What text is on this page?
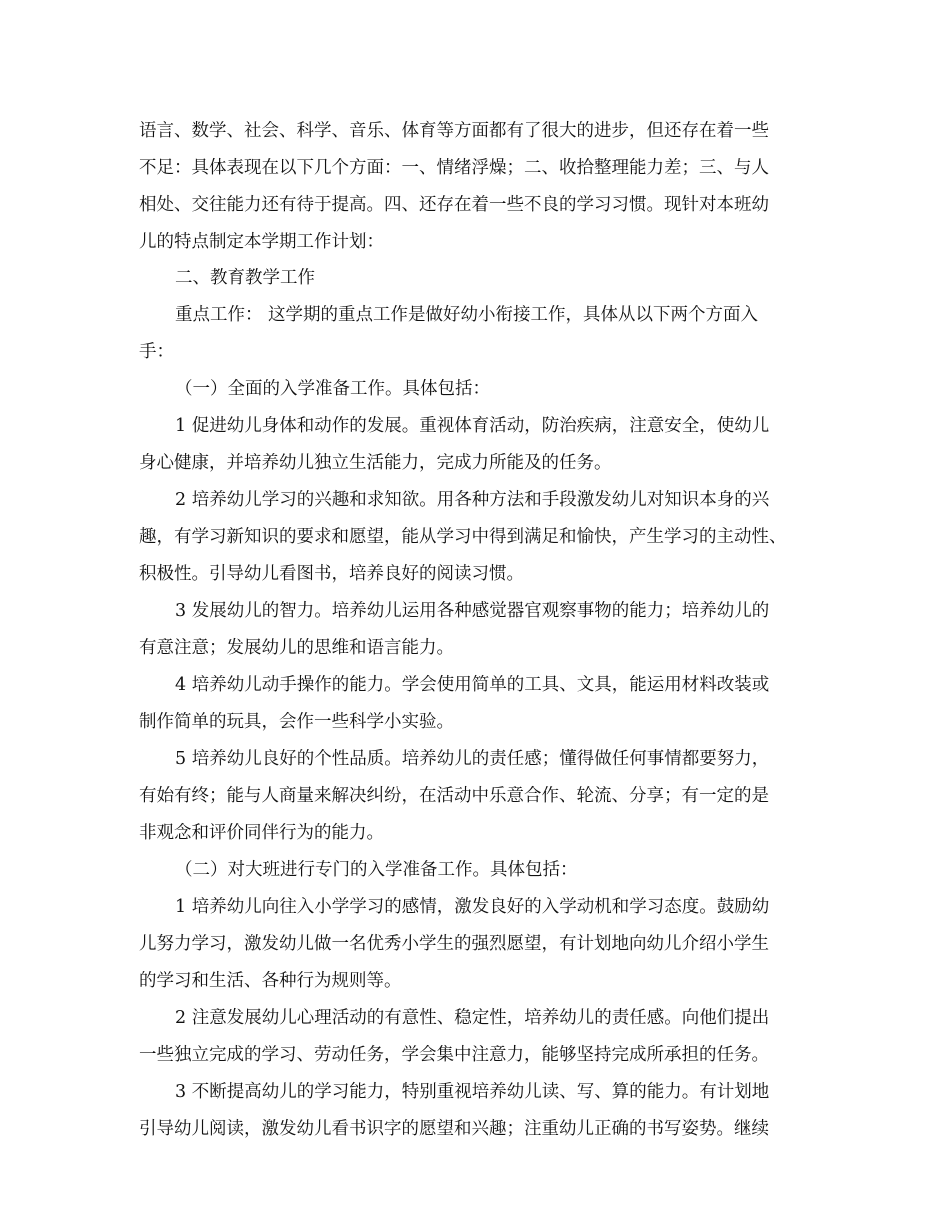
语言、数学、社会、科学、音乐、体育等方面都有了很大的进步，但还存在着一些
不足：具体表现在以下几个方面：一、情绪浮燥；二、收拾整理能力差；三、与人
相处、交往能力还有待于提高。四、还存在着一些不良的学习习惯。现针对本班幼
儿的特点制定本学期工作计划：
二、教育教学工作
重点工作： 这学期的重点工作是做好幼小衔接工作，具体从以下两个方面入
手：
（一）全面的入学准备工作。具体包括：
1 促进幼儿身体和动作的发展。重视体育活动，防治疾病，注意安全，使幼儿
身心健康，并培养幼儿独立生活能力，完成力所能及的任务。
2 培养幼儿学习的兴趣和求知欲。用各种方法和手段激发幼儿对知识本身的兴
趣，有学习新知识的要求和愿望，能从学习中得到满足和愉快，产生学习的主动性、
积极性。引导幼儿看图书，培养良好的阅读习惯。
3 发展幼儿的智力。培养幼儿运用各种感觉器官观察事物的能力；培养幼儿的
有意注意；发展幼儿的思维和语言能力。
4 培养幼儿动手操作的能力。学会使用简单的工具、文具，能运用材料改装或
制作简单的玩具，会作一些科学小实验。
5 培养幼儿良好的个性品质。培养幼儿的责任感；懂得做任何事情都要努力，
有始有终；能与人商量来解决纠纷，在活动中乐意合作、轮流、分享；有一定的是
非观念和评价同伴行为的能力。
（二）对大班进行专门的入学准备工作。具体包括：
1 培养幼儿向往入小学学习的感情，激发良好的入学动机和学习态度。鼓励幼
儿努力学习，激发幼儿做一名优秀小学生的强烈愿望，有计划地向幼儿介绍小学生
的学习和生活、各种行为规则等。
2 注意发展幼儿心理活动的有意性、稳定性，培养幼儿的责任感。向他们提出
一些独立完成的学习、劳动任务，学会集中注意力，能够坚持完成所承担的任务。
3 不断提高幼儿的学习能力，特别重视培养幼儿读、写、算的能力。有计划地
引导幼儿阅读，激发幼儿看书识字的愿望和兴趣；注重幼儿正确的书写姿势。继续
